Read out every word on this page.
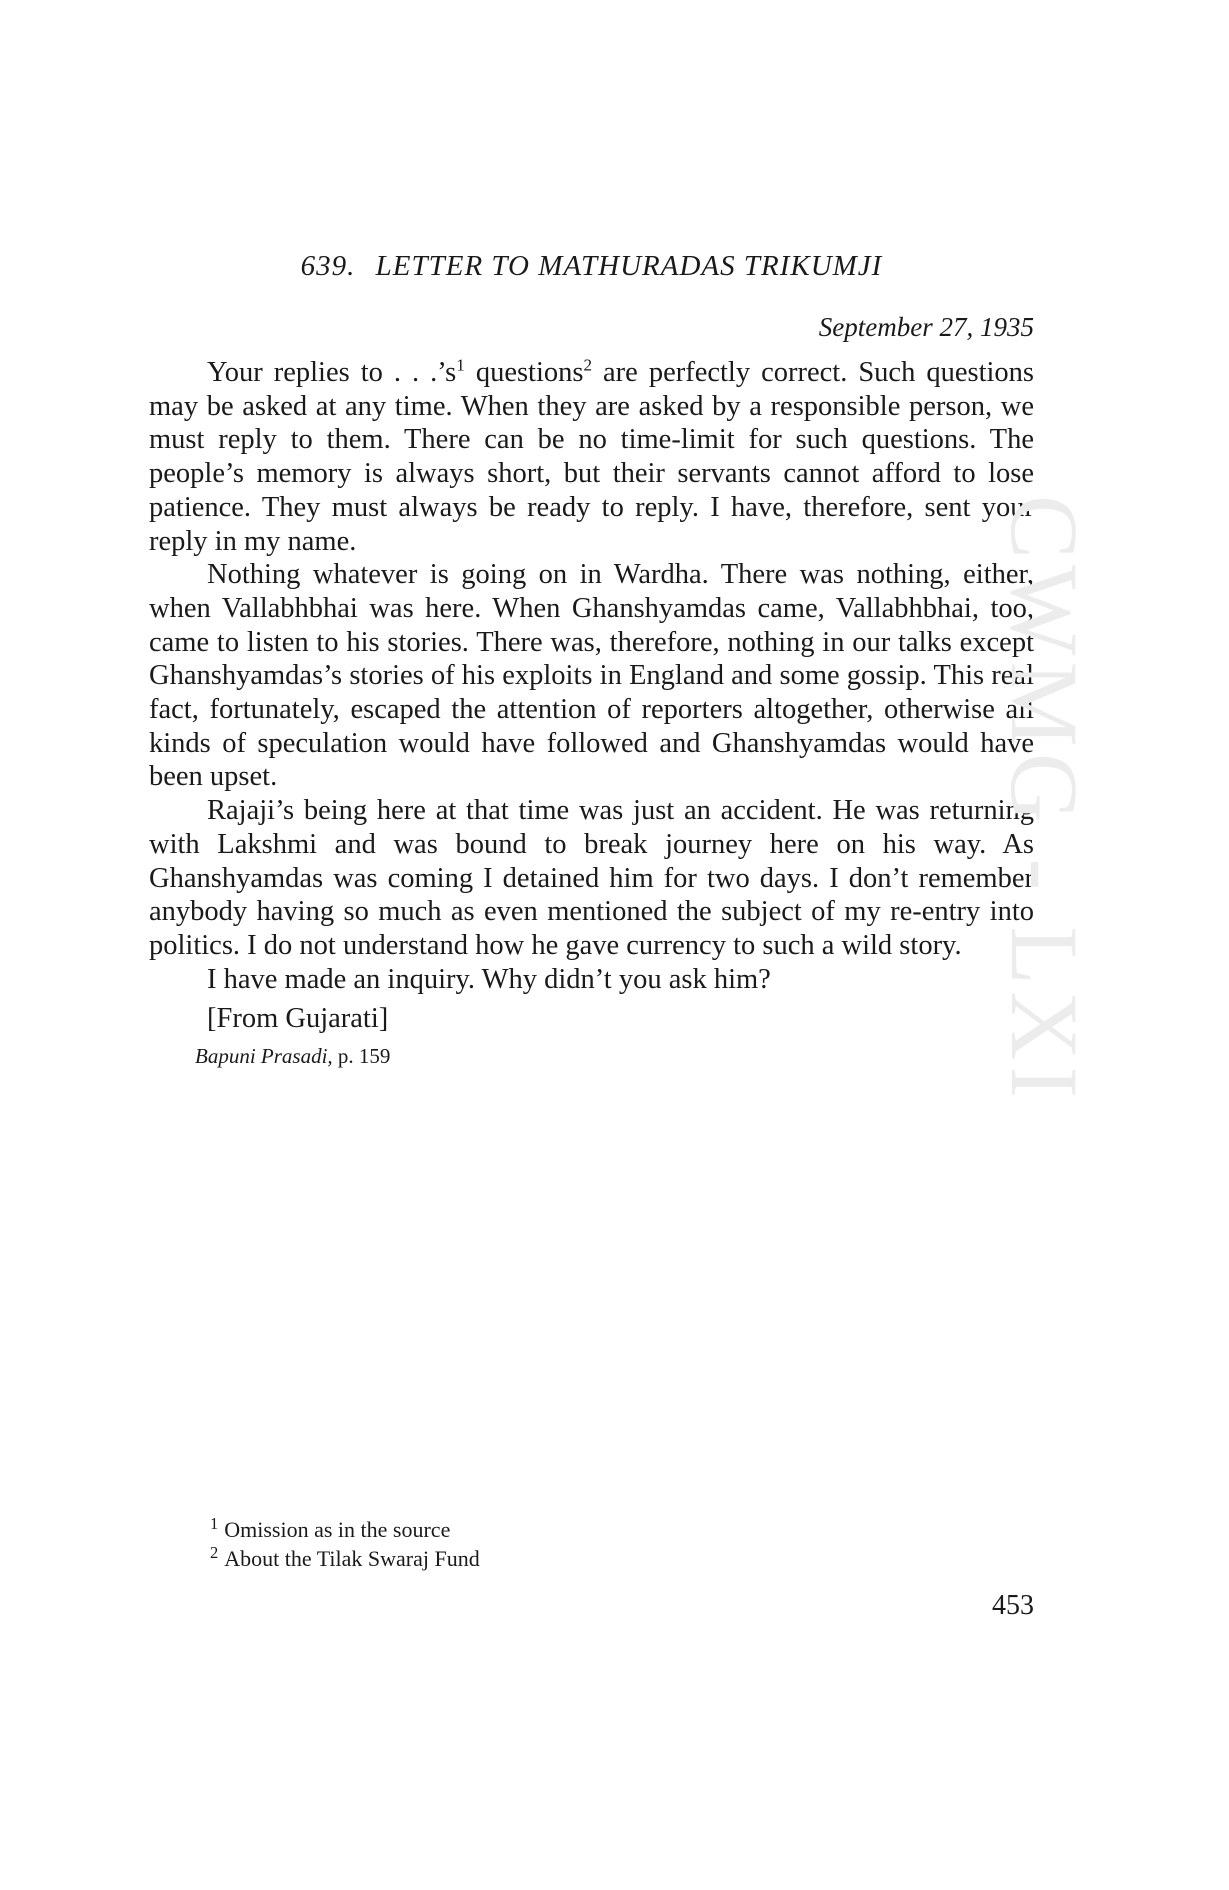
639. LETTER TO MATHURADAS TRIKUMJI
September 27, 1935

Your replies to . . $.’s^1$ questions$^2$ are perfectly correct. Such questions may be asked at any time. When they are asked by a responsible person, we must reply to them. There can be no time-limit for such questions. The people’s memory is always short, but their servants cannot afford to lose patience. They must always be ready to reply. I have, therefore, sent your reply in my name.

Nothing whatever is going on in Wardha. There was nothing, either, when Vallabhbhai was here. When Ghanshyamdas came, Vallabhbhai, too, came to listen to his stories. There was, therefore, nothing in our talks except Ghanshyamdas’s stories of his exploits in England and some gossip. This real fact, fortunately, escaped the attention of reporters altogether, otherwise all kinds of speculation would have followed and Ghanshyamdas would have been upset.

Rajaji’s being here at that time was just an accident. He was returning with Lakshmi and was bound to break journey here on his way. As Ghanshyamdas was coming I detained him for two days. I don’t remember anybody having so much as even mentioned the subject of my re-entry into politics. I do not understand how he gave currency to such a wild story.

I have made an inquiry. Why didn’t you ask him?

[From Gujarati]
Bapuni Prasadi, p. 159
$^1$ Omission as in the source
$^2$ About the Tilak Swaraj Fund
453
CWMG - LXI
